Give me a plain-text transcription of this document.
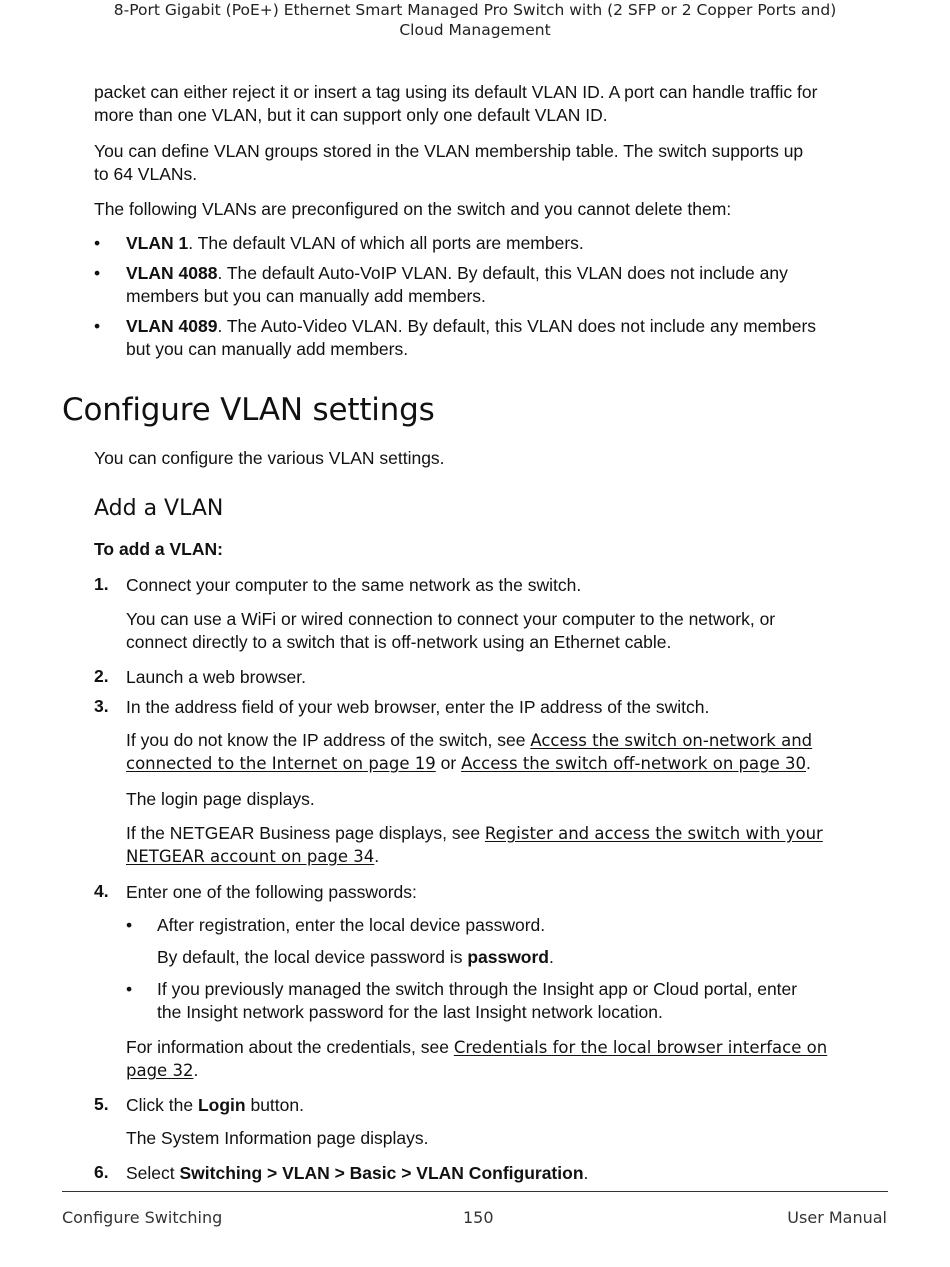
8-Port Gigabit (PoE+) Ethernet Smart Managed Pro Switch with (2 SFP or 2 Copper Ports and)
Cloud Management

packet can either reject it or insert a tag using its default VLAN ID. A port can handle traffic for
more than one VLAN, but it can support only one default VLAN ID.

You can define VLAN groups stored in the VLAN membership table. The switch supports up
to 64 VLANs.

The following VLANs are preconfigured on the switch and you cannot delete them:

• VLAN 1. The default VLAN of which all ports are members.

• VLAN 4088. The default Auto-VoIP VLAN. By default, this VLAN does not include any
members but you can manually add members.

• VLAN 4089. The Auto-Video VLAN. By default, this VLAN does not include any members
but you can manually add members.

Configure VLAN settings

You can configure the various VLAN settings.

Add a VLAN

To add a VLAN:

1. Connect your computer to the same network as the switch.

You can use a WiFi or wired connection to connect your computer to the network, or
connect directly to a switch that is off-network using an Ethernet cable.

2. Launch a web browser.

3. In the address field of your web browser, enter the IP address of the switch.

If you do not know the IP address of the switch, see Access the switch on-network and
connected to the Internet on page 19 or Access the switch off-network on page 30.

The login page displays.

If the NETGEAR Business page displays, see Register and access the switch with your
NETGEAR account on page 34.

4. Enter one of the following passwords:

• After registration, enter the local device password.

By default, the local device password is password.

• If you previously managed the switch through the Insight app or Cloud portal, enter
the Insight network password for the last Insight network location.

For information about the credentials, see Credentials for the local browser interface on
page 32.

5. Click the Login button.

The System Information page displays.

6. Select Switching > VLAN > Basic > VLAN Configuration.

Configure Switching	150	User Manual
